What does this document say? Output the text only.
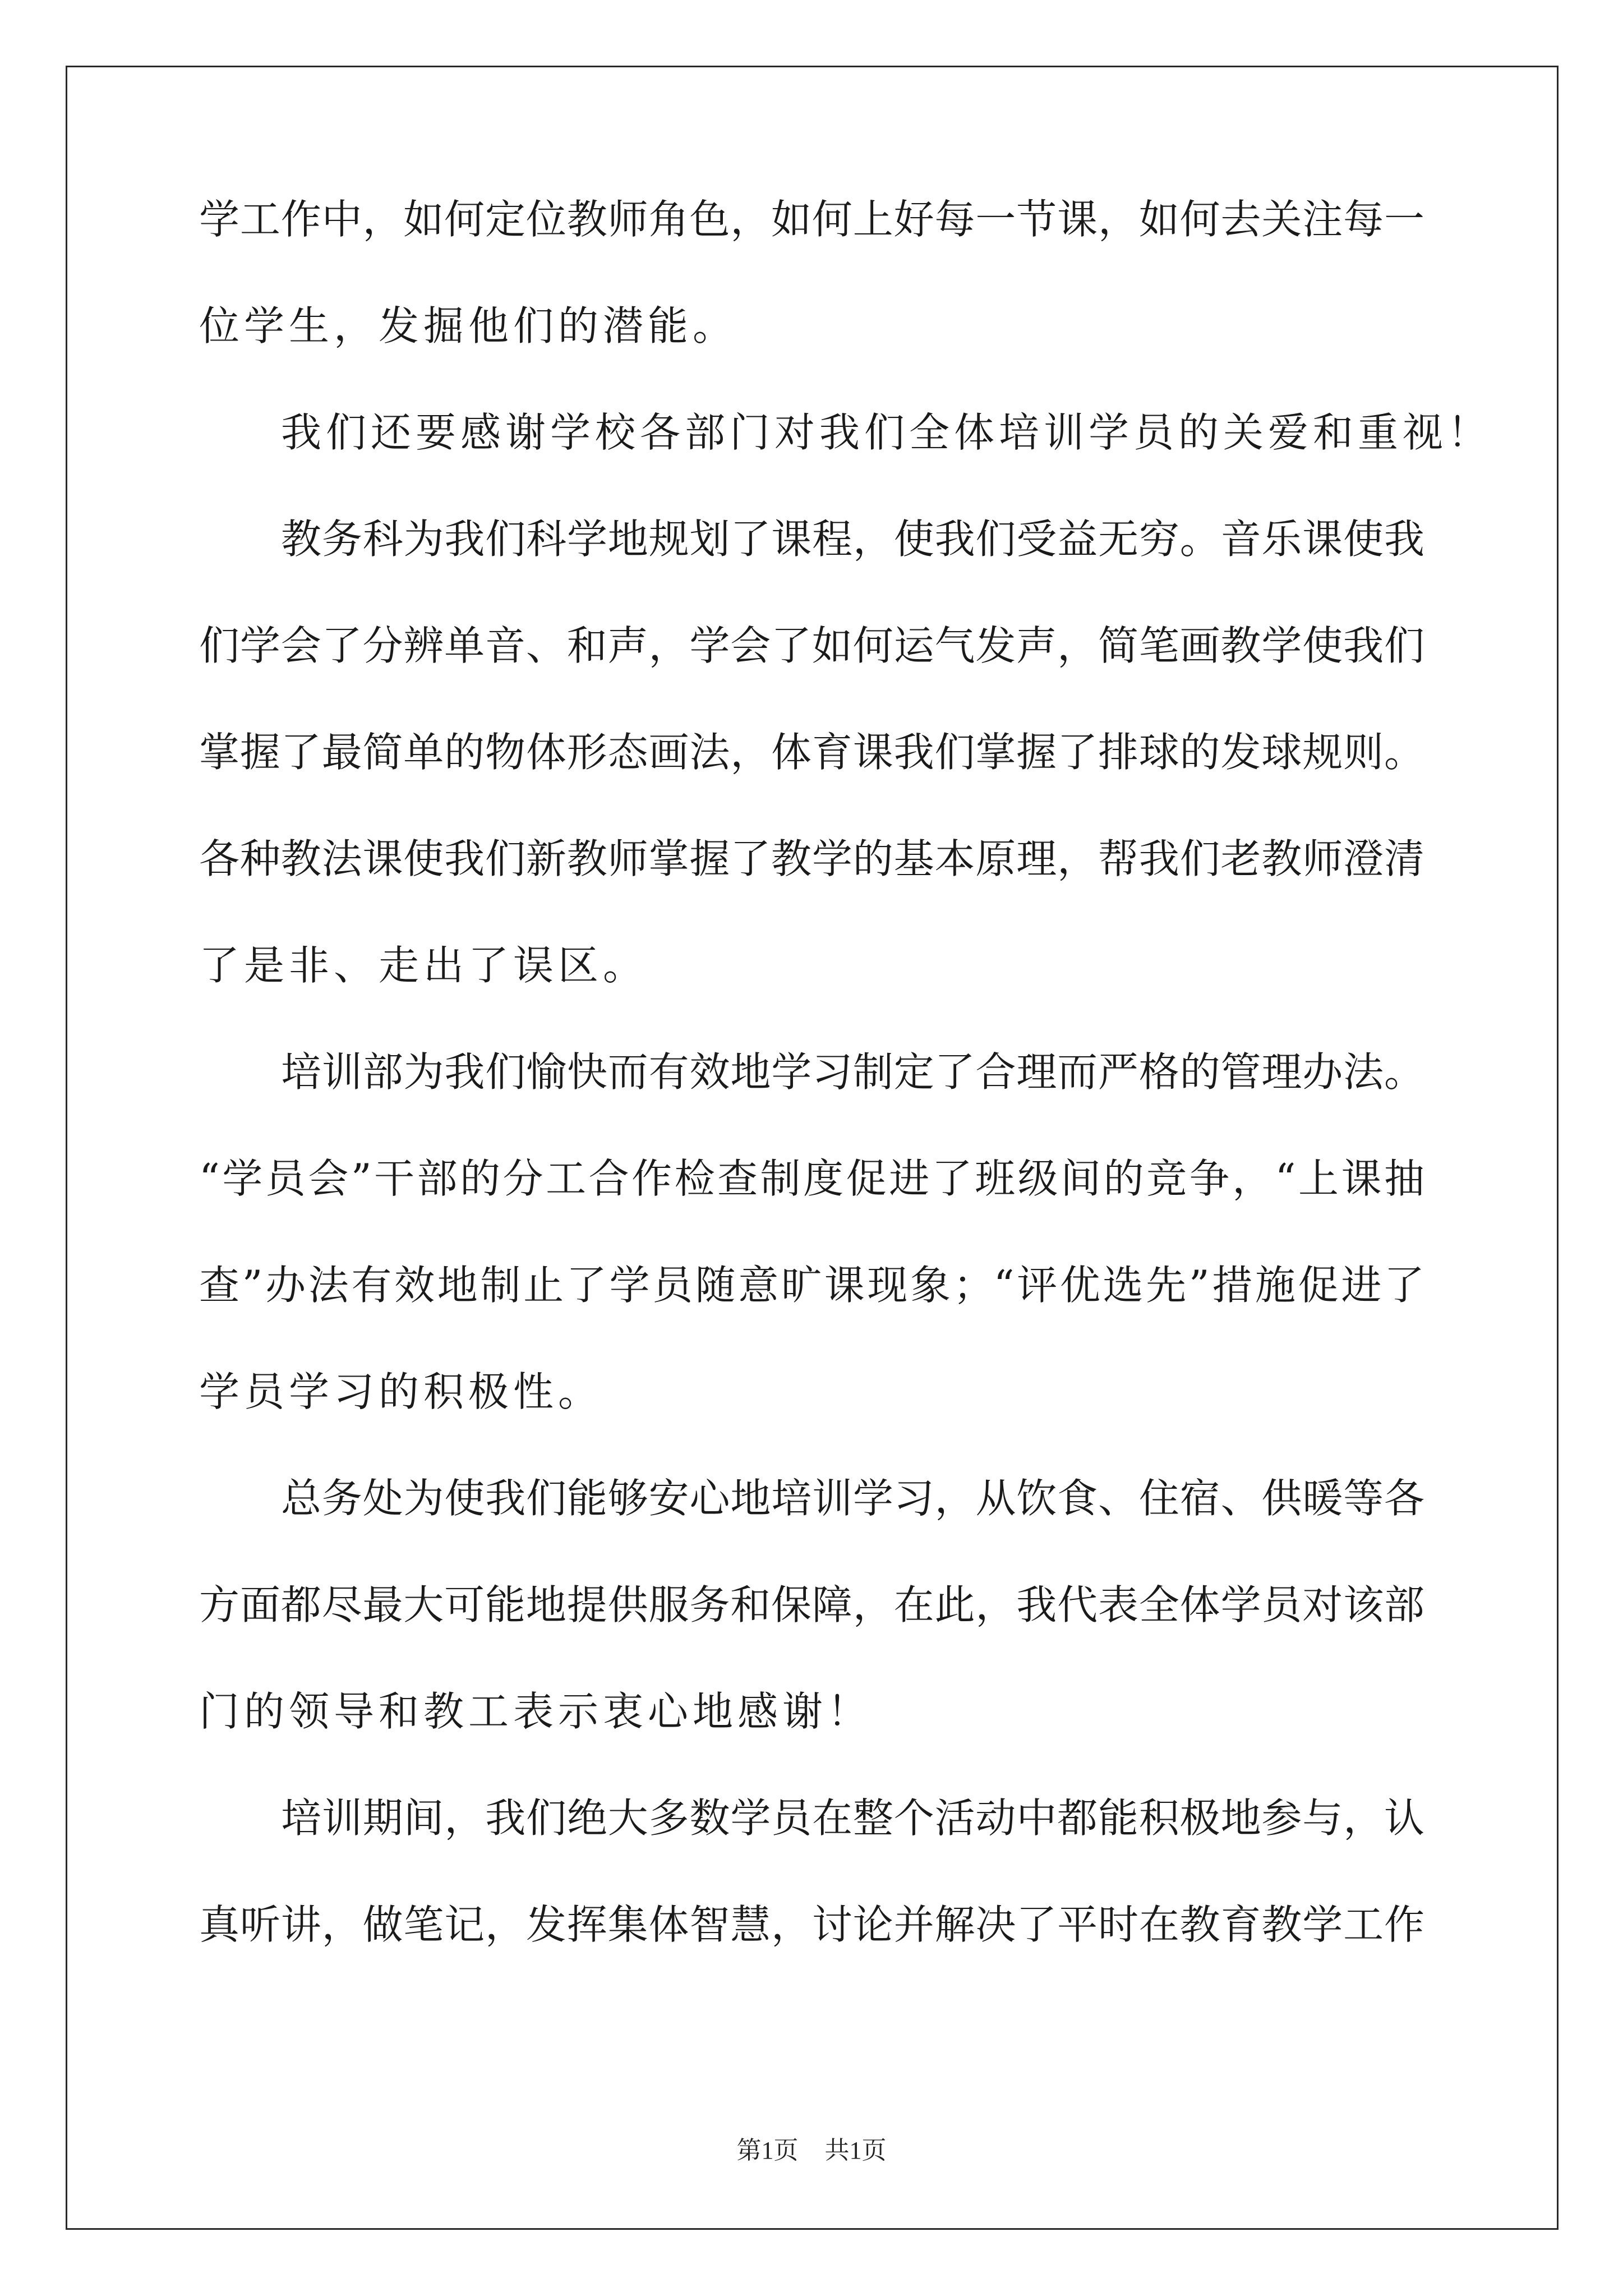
学工作中，如何定位教师角色，如何上好每一节课，如何去关注每一
位学生，发掘他们的潜能。
我们还要感谢学校各部门对我们全体培训学员的关爱和重视！
教务科为我们科学地规划了课程，使我们受益无穷。音乐课使我
们学会了分辨单音、和声，学会了如何运气发声，简笔画教学使我们
掌握了最简单的物体形态画法，体育课我们掌握了排球的发球规则。
各种教法课使我们新教师掌握了教学的基本原理，帮我们老教师澄清
了是非、走出了误区。
培训部为我们愉快而有效地学习制定了合理而严格的管理办法。
“学员会”干部的分工合作检查制度促进了班级间的竞争，“上课抽
查”办法有效地制止了学员随意旷课现象；“评优选先”措施促进了
学员学习的积极性。
总务处为使我们能够安心地培训学习，从饮食、住宿、供暖等各
方面都尽最大可能地提供服务和保障，在此，我代表全体学员对该部
门的领导和教工表示衷心地感谢！
培训期间，我们绝大多数学员在整个活动中都能积极地参与，认
真听讲，做笔记，发挥集体智慧，讨论并解决了平时在教育教学工作
第1页 共1页
